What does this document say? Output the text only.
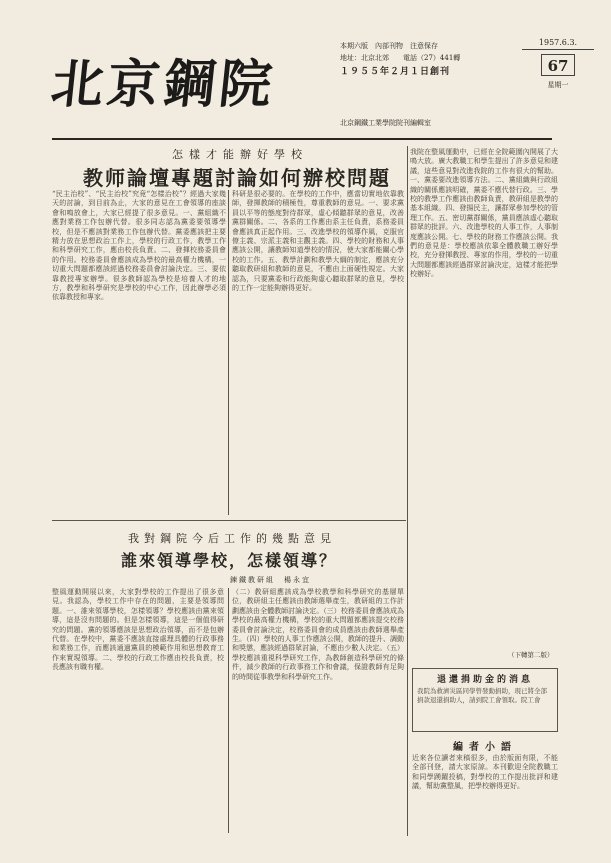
北京鋼院
本期六版　內部刊物　注意保存
地址：北京北郊　　電話（27）441轉
１９５５年２月１日創刊
1957.6.3.
67
星期一
北京鋼鐵工業學院院刊編輯室
怎樣才能辦好學校
教师論壇專題討論如何辦校問題
“民主治校”、“民主治校”究竟“怎樣治校”？經過大家幾天的討論，到目前為止，大家的意見在工會領導的座談會和鳴放會上，大家已經提了很多意見。一、黨組織不應對業務工作包辦代替。很多同志認為黨委要領導學校，但是不應該對業務工作包辦代替。黨委應該把主要精力放在思想政治工作上，學校的行政工作，教學工作和科學研究工作，應由校長負責。二、發揮校務委員會的作用。校務委員會應該成為學校的最高權力機構，一切重大問題都應該經過校務委員會討論決定。三、要依靠教授專家辦學。很多教師認為學校是培養人才的地方，教學和科學研究是學校的中心工作，因此辦學必須依靠教授和專家。
科研是很必要的。在學校的工作中，應當切實地依靠教師，發揮教師的積極性，尊重教師的意見。一、要求黨員以平等的態度對待群眾，虛心傾聽群眾的意見，改善黨群關係。二、各系的工作應由系主任負責，系務委員會應該真正起作用。三、改進學校的領導作風，克服官僚主義、宗派主義和主觀主義。四、學校的財務和人事應該公開，讓教師知道學校的情況，使大家都能關心學校的工作。五、教學計劃和教學大綱的制定，應該充分聽取教研組和教師的意見，不應由上面硬性規定。大家認為，只要黨委和行政能夠虛心聽取群眾的意見，學校的工作一定能夠辦得更好。
我對鋼院今后工作的幾點意見
誰來領導學校，怎樣領導？
鍊鐵教研組　楊永宜
整風運動開展以來，大家對學校的工作提出了很多意見。我認為，學校工作中存在的問題，主要是領導問題。一、誰來領導學校，怎樣領導？學校應該由黨來領導，這是沒有問題的。但是怎樣領導，這是一個值得研究的問題。黨的領導應該是思想政治領導，而不是包辦代替。在學校中，黨委不應該直接處理具體的行政事務和業務工作，而應該通過黨員的模範作用和思想教育工作來實現領導。二、學校的行政工作應由校長負責，校長應該有職有權。
（二）教研組應該成為學校教學和科學研究的基層單位，教研組主任應該由教師選舉產生，教研組的工作計劃應該由全體教師討論決定。（三）校務委員會應該成為學校的最高權力機構，學校的重大問題都應該提交校務委員會討論決定，校務委員會的成員應該由教師選舉產生。（四）學校的人事工作應該公開，教師的提升、調動和獎懲，應該經過群眾討論，不應由少數人決定。（五）學校應該重視科學研究工作，為教師創造科學研究的條件，減少教師的行政事務工作和會議，保證教師有足夠的時間從事教學和科學研究工作。
我院在整風運動中，已經在全院範圍內開展了大鳴大放。廣大教職工和學生提出了許多意見和建議，這些意見對改進我院的工作有很大的幫助。一、黨委要改進領導方法。二、黨組織與行政組織的關係應該明確，黨委不應代替行政。三、學校的教學工作應該由教師負責，教研組是教學的基本組織。四、發揚民主，讓群眾參加學校的管理工作。五、密切黨群關係，黨員應該虛心聽取群眾的批評。六、改進學校的人事工作，人事制度應該公開。七、學校的財務工作應該公開。我們的意見是：學校應該依靠全體教職工辦好學校，充分發揮教授、專家的作用，學校的一切重大問題都應該經過群眾討論決定，這樣才能把學校辦好。
（下轉第二版）
退還捐助金的消息
我院為救濟災區同學曾發動捐助，現已將全部捐款退還捐助人，請到院工會領取。院工會
編者小語
近來各位讀者來稿很多，由於版面有限，不能全部刊登，請大家原諒。本刊歡迎全院教職工和同學踴躍投稿，對學校的工作提出批評和建議，幫助黨整風，把學校辦得更好。
